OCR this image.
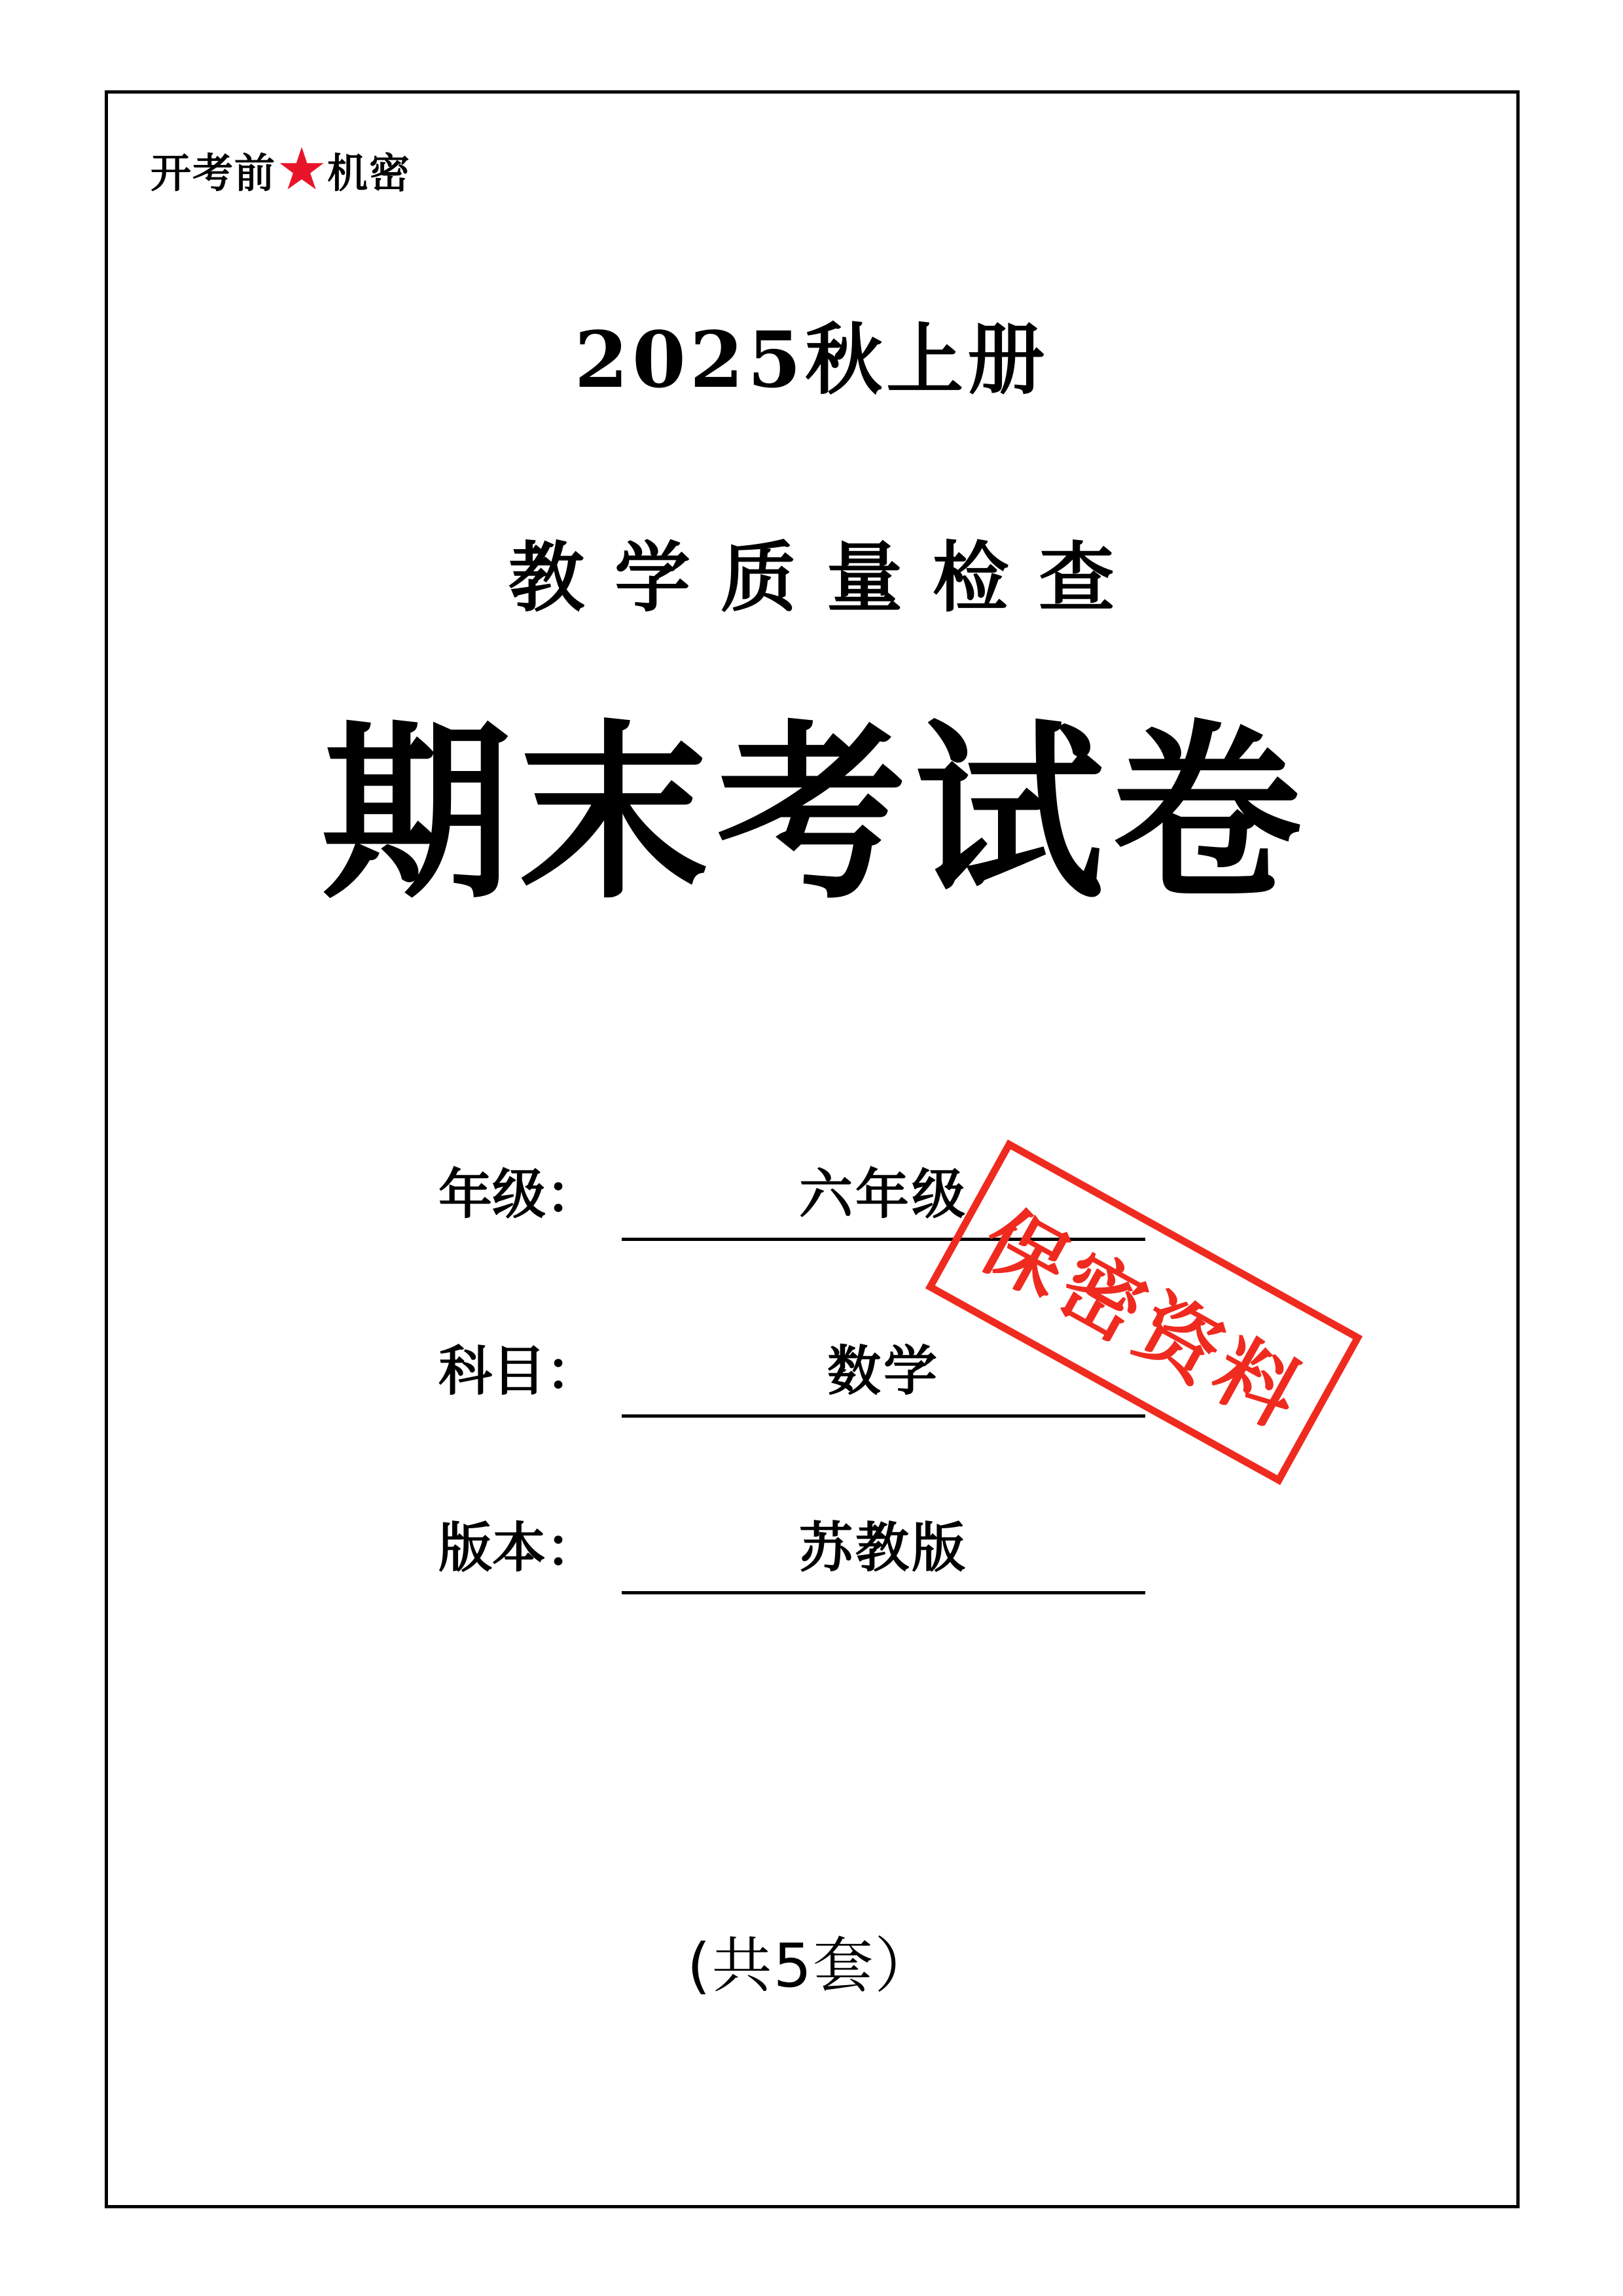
开考前 机密
2025秋上册
教学质量检查
期末考试卷
年级：	六年级
科目：	数学
版本：	苏教版
保密资料
(共5套）
